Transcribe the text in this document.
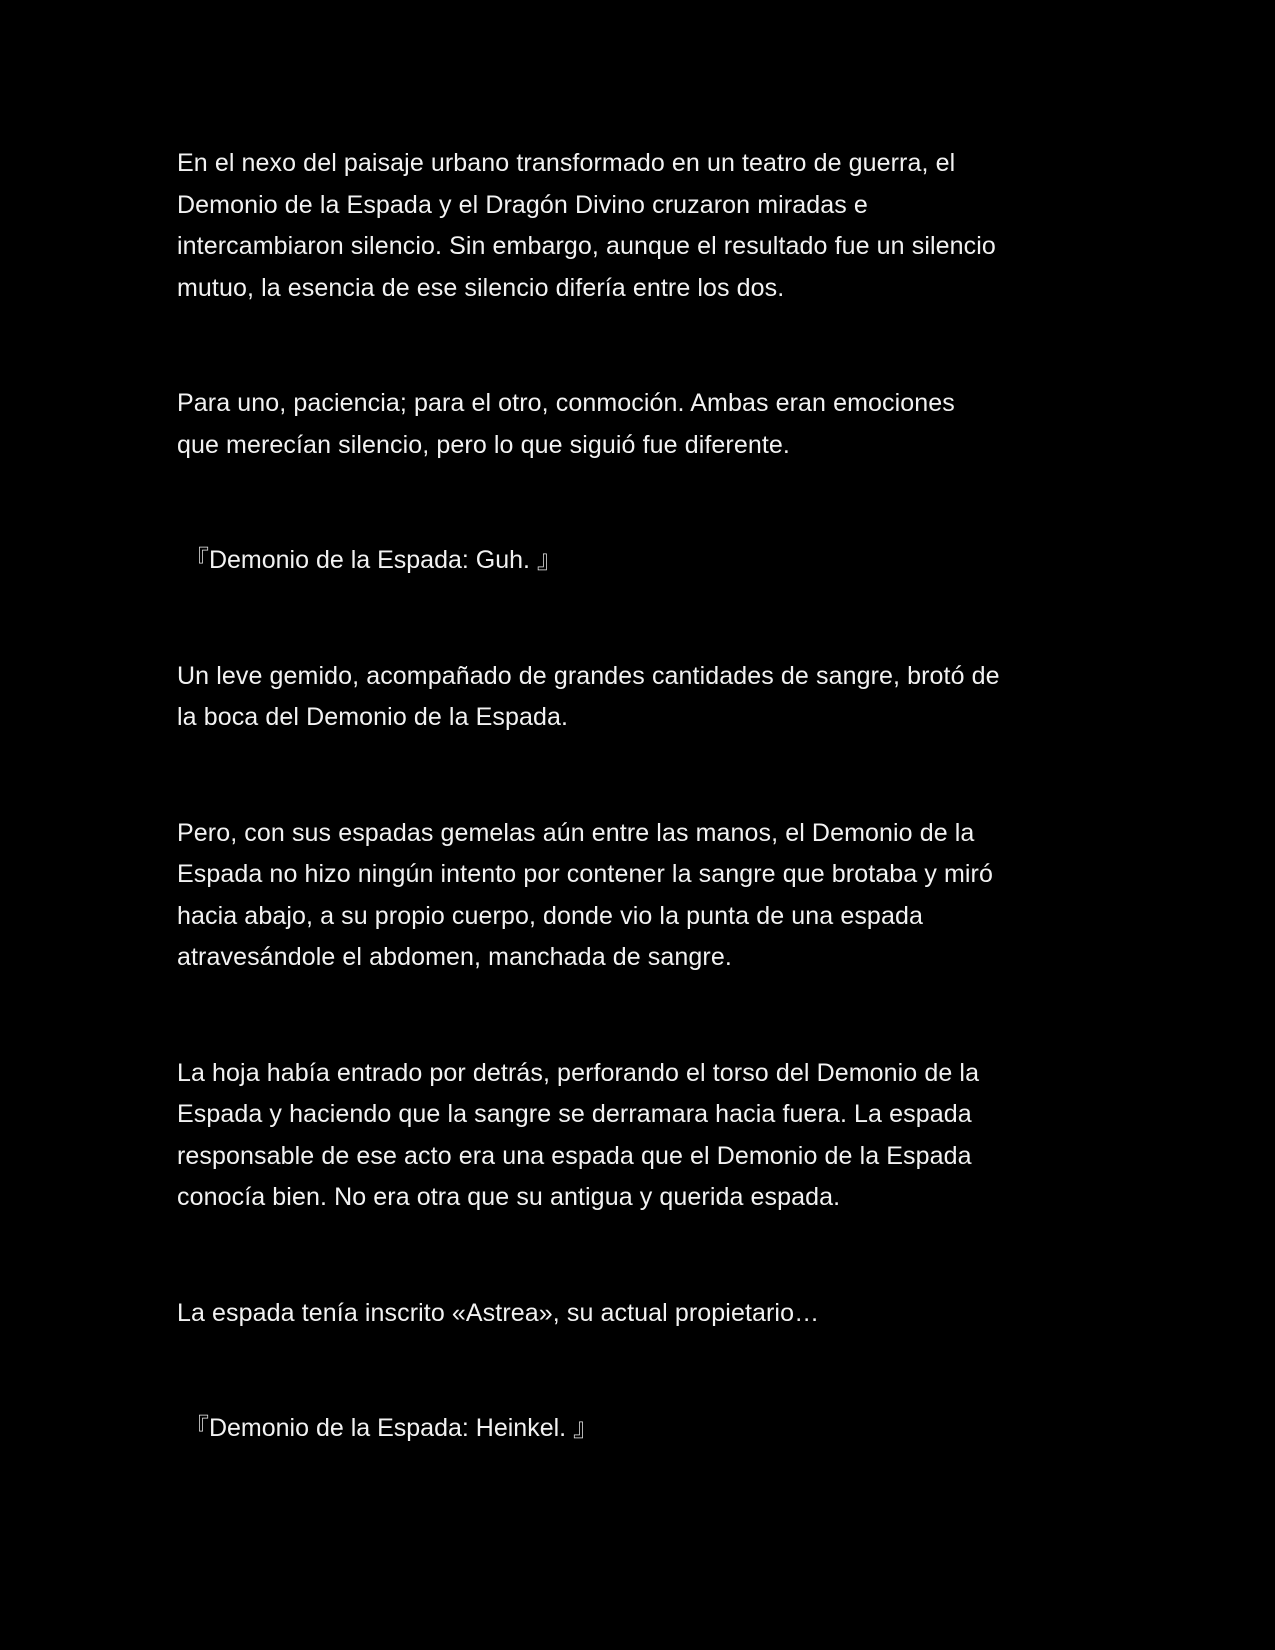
En el nexo del paisaje urbano transformado en un teatro de guerra, el
Demonio de la Espada y el Dragón Divino cruzaron miradas e
intercambiaron silencio. Sin embargo, aunque el resultado fue un silencio
mutuo, la esencia de ese silencio difería entre los dos.

Para uno, paciencia; para el otro, conmoción. Ambas eran emociones
que merecían silencio, pero lo que siguió fue diferente.

『Demonio de la Espada: Guh. 』

Un leve gemido, acompañado de grandes cantidades de sangre, brotó de
la boca del Demonio de la Espada.

Pero, con sus espadas gemelas aún entre las manos, el Demonio de la
Espada no hizo ningún intento por contener la sangre que brotaba y miró
hacia abajo, a su propio cuerpo, donde vio la punta de una espada
atravesándole el abdomen, manchada de sangre.

La hoja había entrado por detrás, perforando el torso del Demonio de la
Espada y haciendo que la sangre se derramara hacia fuera. La espada
responsable de ese acto era una espada que el Demonio de la Espada
conocía bien. No era otra que su antigua y querida espada.

La espada tenía inscrito «Astrea», su actual propietario…

『Demonio de la Espada: Heinkel. 』
